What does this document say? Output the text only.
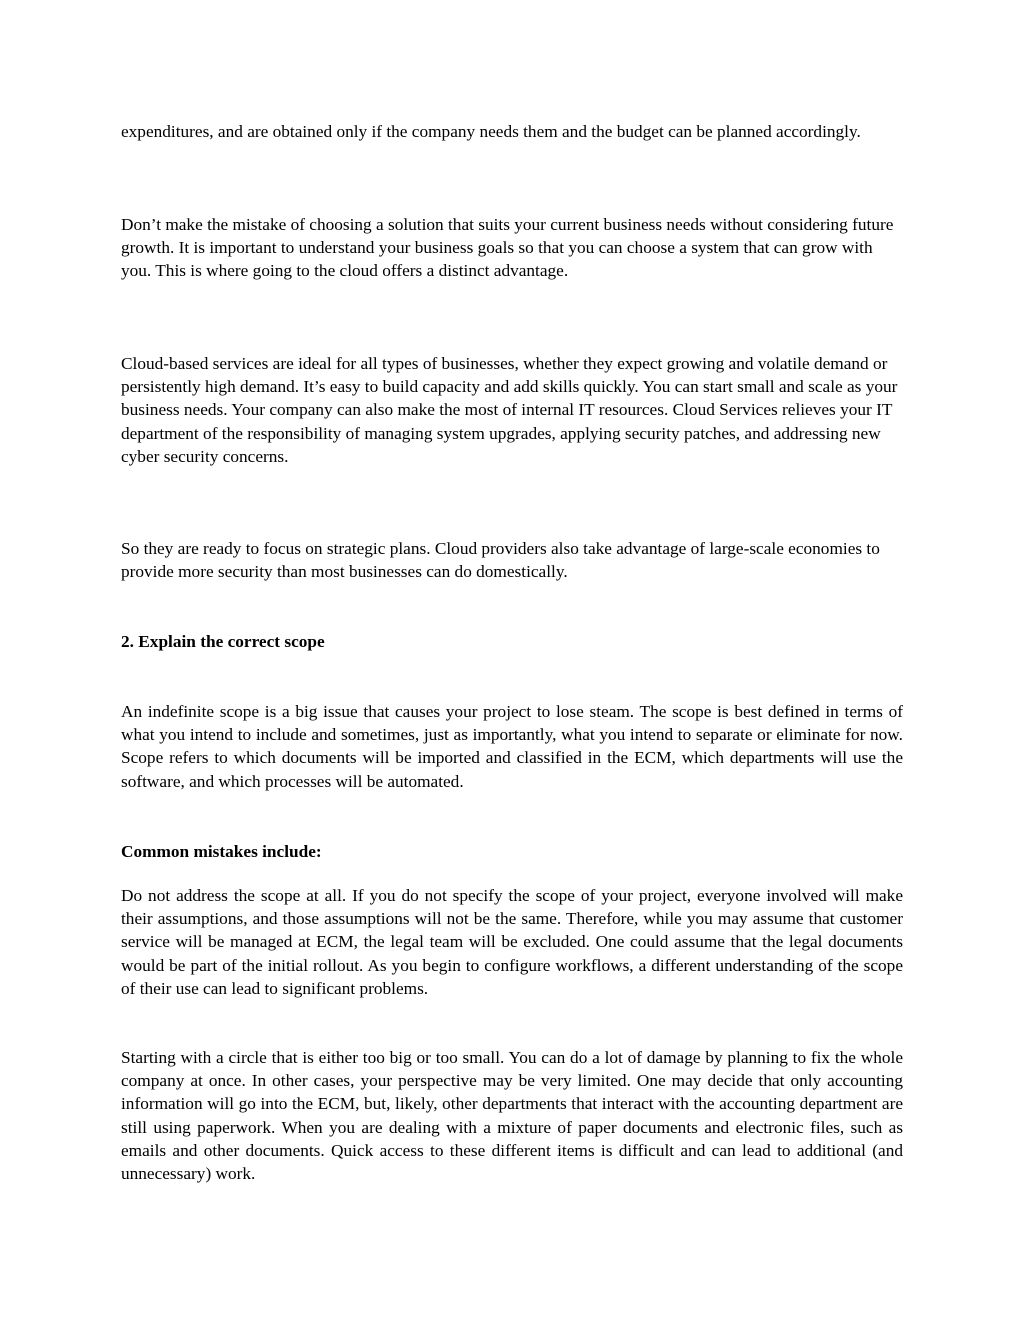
expenditures, and are obtained only if the company needs them and the budget can be planned accordingly.

Don’t make the mistake of choosing a solution that suits your current business needs without considering future growth. It is important to understand your business goals so that you can choose a system that can grow with you. This is where going to the cloud offers a distinct advantage.

Cloud-based services are ideal for all types of businesses, whether they expect growing and volatile demand or persistently high demand. It’s easy to build capacity and add skills quickly. You can start small and scale as your business needs. Your company can also make the most of internal IT resources. Cloud Services relieves your IT department of the responsibility of managing system upgrades, applying security patches, and addressing new cyber security concerns.

So they are ready to focus on strategic plans. Cloud providers also take advantage of large-scale economies to provide more security than most businesses can do domestically.

2. Explain the correct scope

An indefinite scope is a big issue that causes your project to lose steam. The scope is best defined in terms of what you intend to include and sometimes, just as importantly, what you intend to separate or eliminate for now. Scope refers to which documents will be imported and classified in the ECM, which departments will use the software, and which processes will be automated.

Common mistakes include:

Do not address the scope at all. If you do not specify the scope of your project, everyone involved will make their assumptions, and those assumptions will not be the same. Therefore, while you may assume that customer service will be managed at ECM, the legal team will be excluded. One could assume that the legal documents would be part of the initial rollout. As you begin to configure workflows, a different understanding of the scope of their use can lead to significant problems.

Starting with a circle that is either too big or too small. You can do a lot of damage by planning to fix the whole company at once. In other cases, your perspective may be very limited. One may decide that only accounting information will go into the ECM, but, likely, other departments that interact with the accounting department are still using paperwork. When you are dealing with a mixture of paper documents and electronic files, such as emails and other documents. Quick access to these different items is difficult and can lead to additional (and unnecessary) work.
